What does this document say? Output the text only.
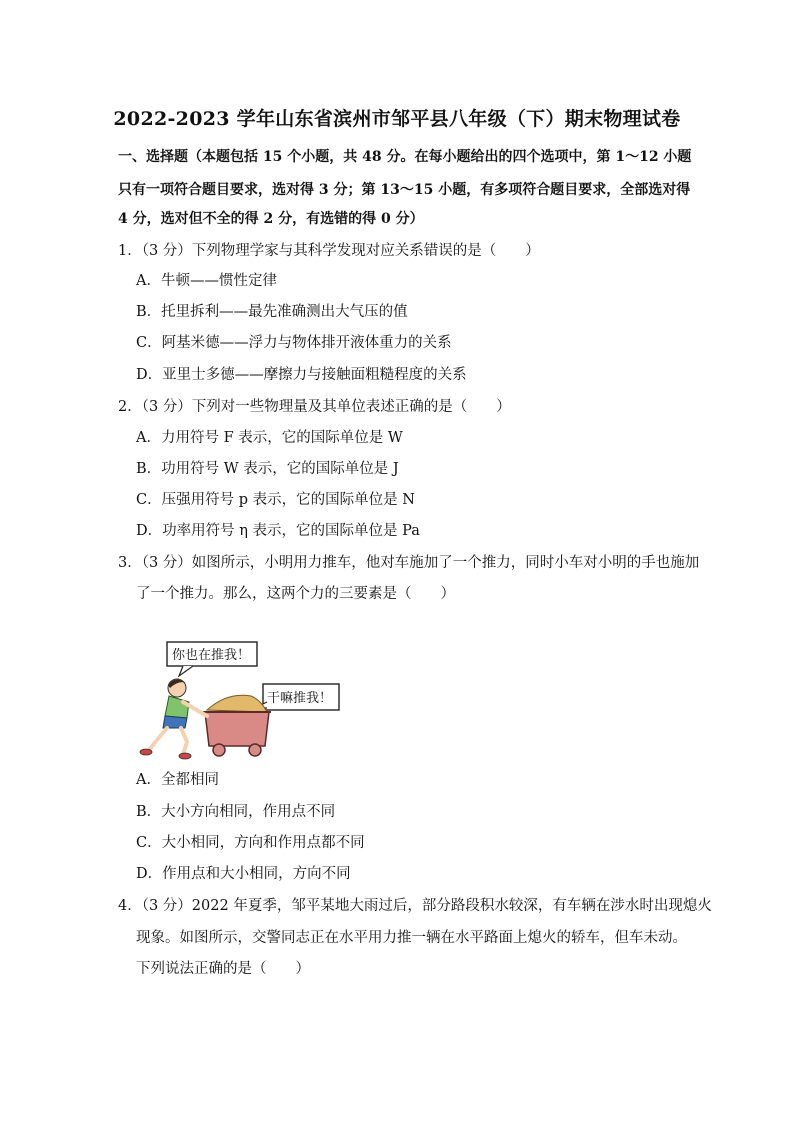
2022-2023 学年山东省滨州市邹平县八年级（下）期末物理试卷
一、选择题（本题包括 15 个小题，共 48 分。在每小题给出的四个选项中，第 1～12 小题
只有一项符合题目要求，选对得 3 分；第 13～15 小题，有多项符合题目要求，全部选对得
4 分，选对但不全的得 2 分，有选错的得 0 分）
1．（3 分）下列物理学家与其科学发现对应关系错误的是（　　）
A．牛顿——惯性定律
B．托里拆利——最先准确测出大气压的值
C．阿基米德——浮力与物体排开液体重力的关系
D．亚里士多德——摩擦力与接触面粗糙程度的关系
2．（3 分）下列对一些物理量及其单位表述正确的是（　　）
A．力用符号 F 表示，它的国际单位是 W
B．功用符号 W 表示，它的国际单位是 J
C．压强用符号 p 表示，它的国际单位是 N
D．功率用符号 η 表示，它的国际单位是 Pa
3．（3 分）如图所示，小明用力推车，他对车施加了一个推力，同时小车对小明的手也施加
了一个推力。那么，这两个力的三要素是（　　）
你也在推我！
干嘛推我！
A．全都相同
B．大小方向相同，作用点不同
C．大小相同，方向和作用点都不同
D．作用点和大小相同，方向不同
4．（3 分）2022 年夏季，邹平某地大雨过后，部分路段积水较深，有车辆在涉水时出现熄火
现象。如图所示，交警同志正在水平用力推一辆在水平路面上熄火的轿车，但车未动。
下列说法正确的是（　　）
